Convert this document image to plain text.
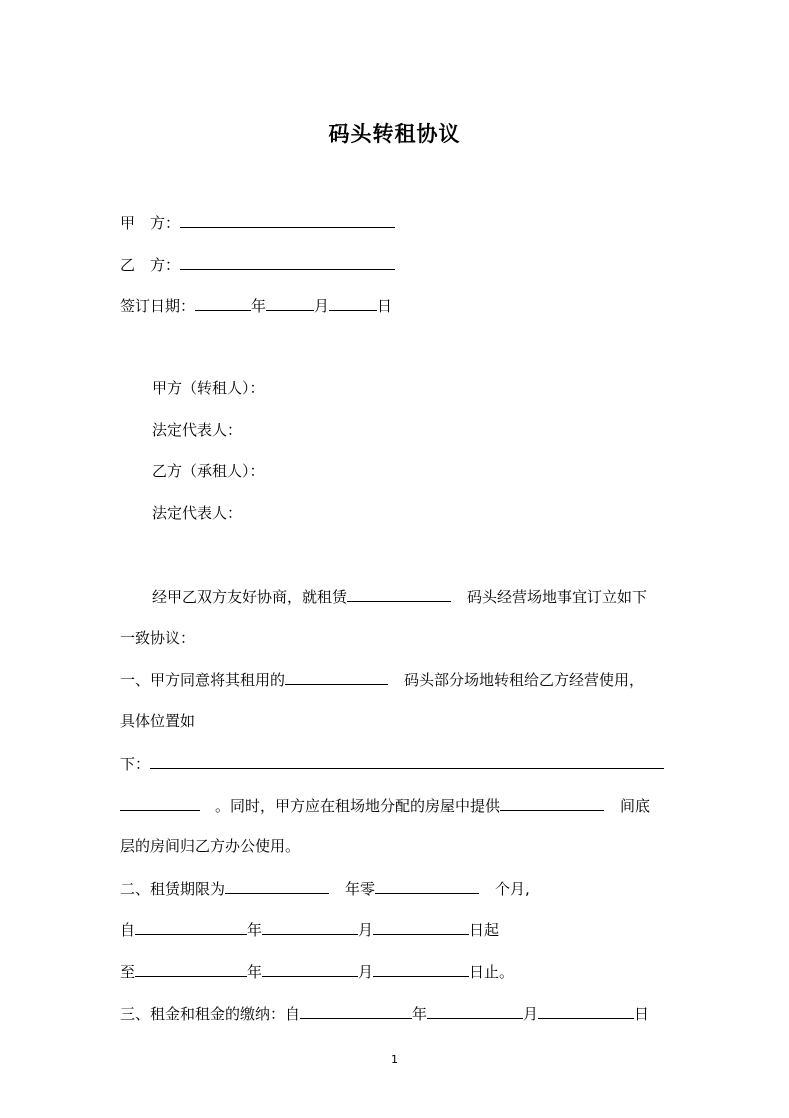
码头转租协议
甲　方：
乙　方：
签订日期：	年	月	日
甲方（转租人）：
法定代表人：
乙方（承租人）：
法定代表人：
经甲乙双方友好协商，就租赁	码头经营场地事宜订立如下
一致协议：
一、甲方同意将其租用的	码头部分场地转租给乙方经营使用，
具体位置如
下：
。同时，甲方应在租场地分配的房屋中提供	间底
层的房间归乙方办公使用。
二、租赁期限为	年零	个月,
自	年	月	日起
至	年	月	日止。
三、租金和租金的缴纳：自	年	月	日
1
